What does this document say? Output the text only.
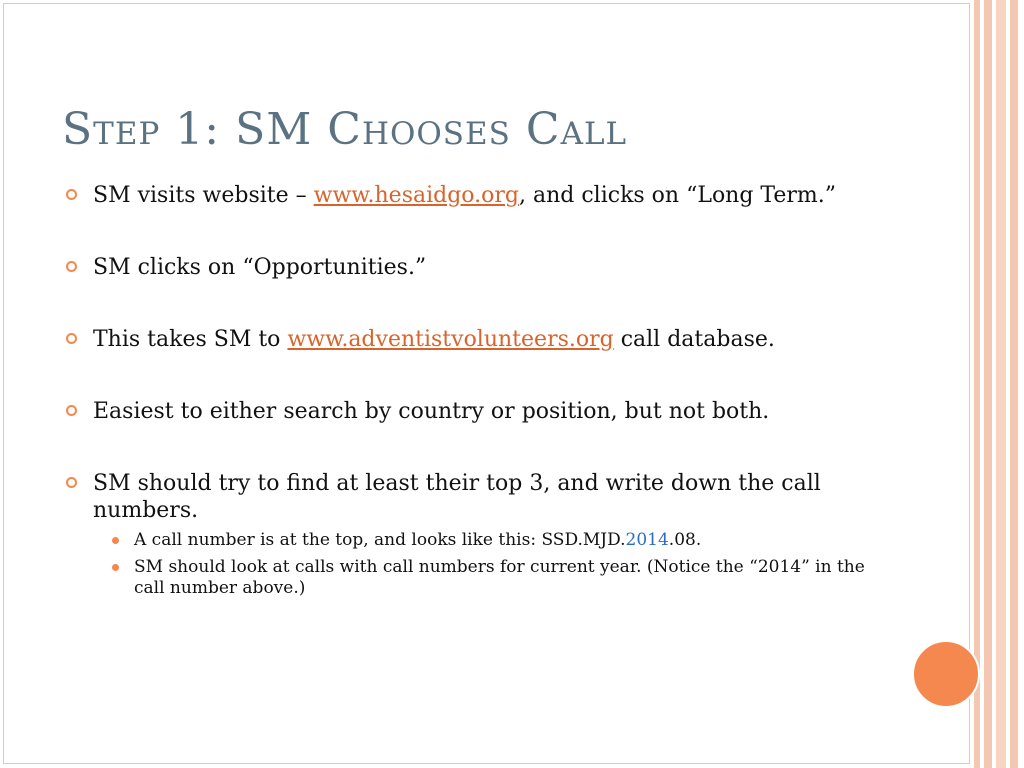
Step 1: SM Chooses Call
SM visits website – www.hesaidgo.org, and clicks on “Long Term.”
SM clicks on “Opportunities.”
This takes SM to www.adventistvolunteers.org call database.
Easiest to either search by country or position, but not both.
SM should try to find at least their top 3, and write down the call numbers.
A call number is at the top, and looks like this: SSD.MJD.2014.08.
SM should look at calls with call numbers for current year. (Notice the “2014” in the call number above.)
